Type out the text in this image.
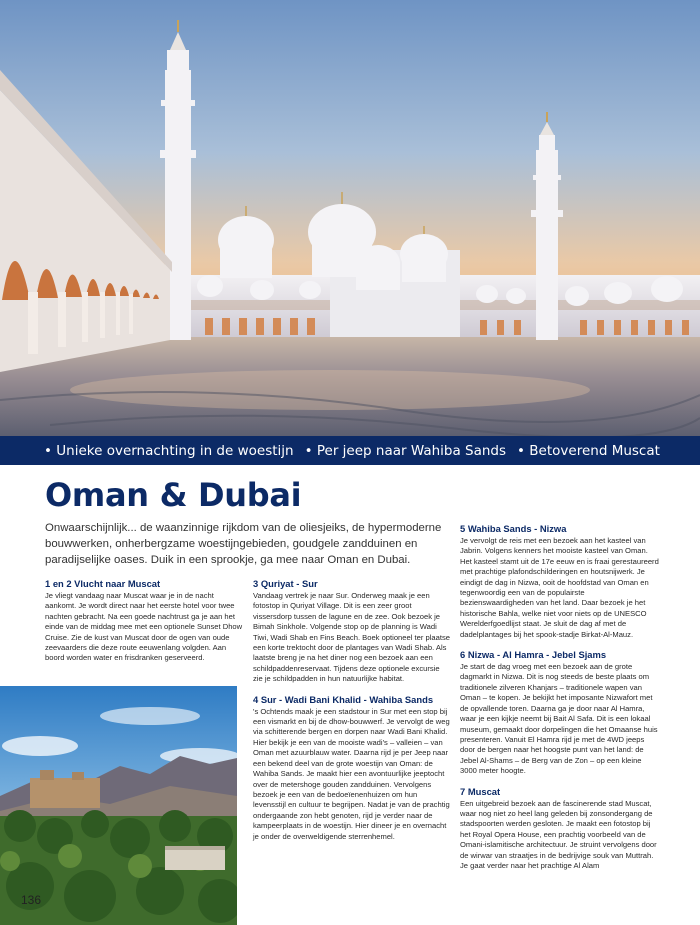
• Unieke overnachting in de woestijn	• Per jeep naar Wahiba Sands	• Betoverend Muscat
Oman & Dubai

Onwaarschijnlijk... de waanzinnige rijkdom van de oliesjeiks, de hypermoderne bouwwerken, onherbergzame woestijngebieden, goudgele zandduinen en paradijselijke oases. Duik in een sprookje, ga mee naar Oman en Dubai.

1 en 2 Vlucht naar Muscat

Je vliegt vandaag naar Muscat waar je in de nacht aankomt. Je wordt direct naar het eerste hotel voor twee nachten gebracht. Na een goede nachtrust ga je aan het einde van de middag mee met een optionele Sunset Dhow Cruise. Zie de kust van Muscat door de ogen van oude zeevaarders die deze route eeuwenlang volgden. Aan boord worden water en frisdranken geserveerd.

3 Quriyat - Sur

Vandaag vertrek je naar Sur. Onderweg maak je een fotostop in Quriyat Village. Dit is een zeer groot vissersdorp tussen de lagune en de zee. Ook bezoek je Bimah Sinkhole. Volgende stop op de planning is Wadi Tiwi, Wadi Shab en Fins Beach. Boek optioneel ter plaatse een korte trektocht door de plantages van Wadi Shab. Als laatste breng je na het diner nog een bezoek aan een schildpaddenreservaat. Tijdens deze optionele excursie zie je schildpadden in hun natuurlijke habitat.

4 Sur - Wadi Bani Khalid - Wahiba Sands

's Ochtends maak je een stadstour in Sur met een stop bij een vismarkt en bij de dhow-bouwwerf. Je vervolgt de weg via schitterende bergen en dorpen naar Wadi Bani Khalid. Hier bekijk je een van de mooiste wadi's – valleien – van Oman met azuurblauw water. Daarna rijd je per Jeep naar een bekend deel van de grote woestijn van Oman: de Wahiba Sands. Je maakt hier een avontuurlijke jeeptocht over de metershoge gouden zandduinen. Vervolgens bezoek je een van de bedoeïenenhuizen om hun levensstijl en cultuur te begrijpen. Nadat je van de prachtig ondergaande zon hebt genoten, rijd je verder naar de kampeerplaats in de woestijn. Hier dineer je en overnacht je onder de overweldigende sterrenhemel.

5 Wahiba Sands - Nizwa

Je vervolgt de reis met een bezoek aan het kasteel van Jabrin. Volgens kenners het mooiste kasteel van Oman. Het kasteel stamt uit de 17e eeuw en is fraai gerestaureerd met prachtige plafondschilderingen en houtsnijwerk. Je eindigt de dag in Nizwa, ooit de hoofdstad van Oman en tegenwoordig een van de populairste bezienswaardigheden van het land. Daar bezoek je het historische Bahla, welke niet voor niets op de UNESCO Werelderfgoedlijst staat. Je sluit de dag af met de dadelplantages bij het spook-stadje Birkat-Al-Mauz.

6 Nizwa - Al Hamra - Jebel Sjams

Je start de dag vroeg met een bezoek aan de grote dagmarkt in Nizwa. Dit is nog steeds de beste plaats om traditionele zilveren Khanjars – traditionele wapen van Oman – te kopen. Je bekijkt het imposante Nizwafort met de opvallende toren. Daarna ga je door naar Al Hamra, waar je een kijkje neemt bij Bait Al Safa. Dit is een lokaal museum, gemaakt door dorpelingen die het Omaanse huis presenteren. Vanuit El Hamra rijd je met de 4WD jeeps door de bergen naar het hoogste punt van het land: de Jebel Al-Shams – de Berg van de Zon – op een kleine 3000 meter hoogte.

7 Muscat

Een uitgebreid bezoek aan de fascinerende stad Muscat, waar nog niet zo heel lang geleden bij zonsondergang de stadspoorten werden gesloten. Je maakt een fotostop bij het Royal Opera House, een prachtig voorbeeld van de Omani-islamitische architectuur. Je struint vervolgens door de wirwar van straatjes in de bedrijvige souk van Muttrah. Je gaat verder naar het prachtige Al Alam

136
